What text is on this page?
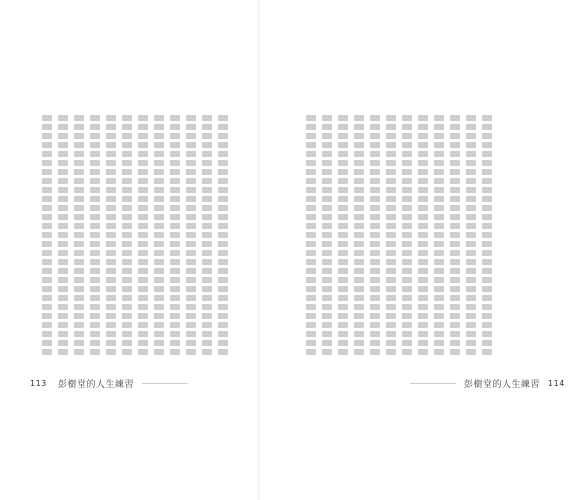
113	彭樹堂的人生練習	彭樹堂的人生練習 114
